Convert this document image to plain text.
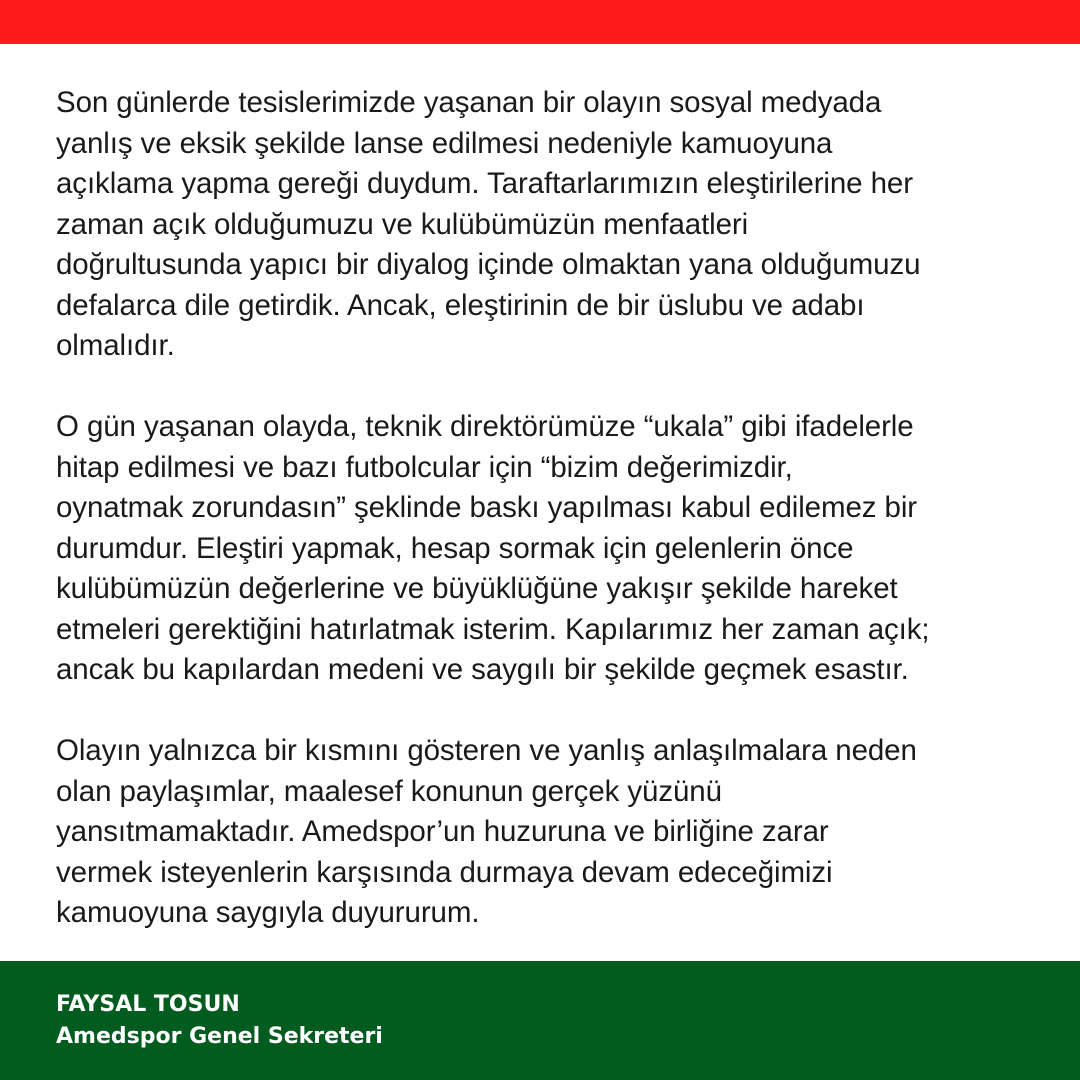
Son günlerde tesislerimizde yaşanan bir olayın sosyal medyada
yanlış ve eksik şekilde lanse edilmesi nedeniyle kamuoyuna
açıklama yapma gereği duydum. Taraftarlarımızın eleştirilerine her
zaman açık olduğumuzu ve kulübümüzün menfaatleri
doğrultusunda yapıcı bir diyalog içinde olmaktan yana olduğumuzu
defalarca dile getirdik. Ancak, eleştirinin de bir üslubu ve adabı
olmalıdır.

O gün yaşanan olayda, teknik direktörümüze “ukala” gibi ifadelerle
hitap edilmesi ve bazı futbolcular için “bizim değerimizdir,
oynatmak zorundasın” şeklinde baskı yapılması kabul edilemez bir
durumdur. Eleştiri yapmak, hesap sormak için gelenlerin önce
kulübümüzün değerlerine ve büyüklüğüne yakışır şekilde hareket
etmeleri gerektiğini hatırlatmak isterim. Kapılarımız her zaman açık;
ancak bu kapılardan medeni ve saygılı bir şekilde geçmek esastır.

Olayın yalnızca bir kısmını gösteren ve yanlış anlaşılmalara neden
olan paylaşımlar, maalesef konunun gerçek yüzünü
yansıtmamaktadır. Amedspor’un huzuruna ve birliğine zarar
vermek isteyenlerin karşısında durmaya devam edeceğimizi
kamuoyuna saygıyla duyururum.

FAYSAL TOSUN
Amedspor Genel Sekreteri
